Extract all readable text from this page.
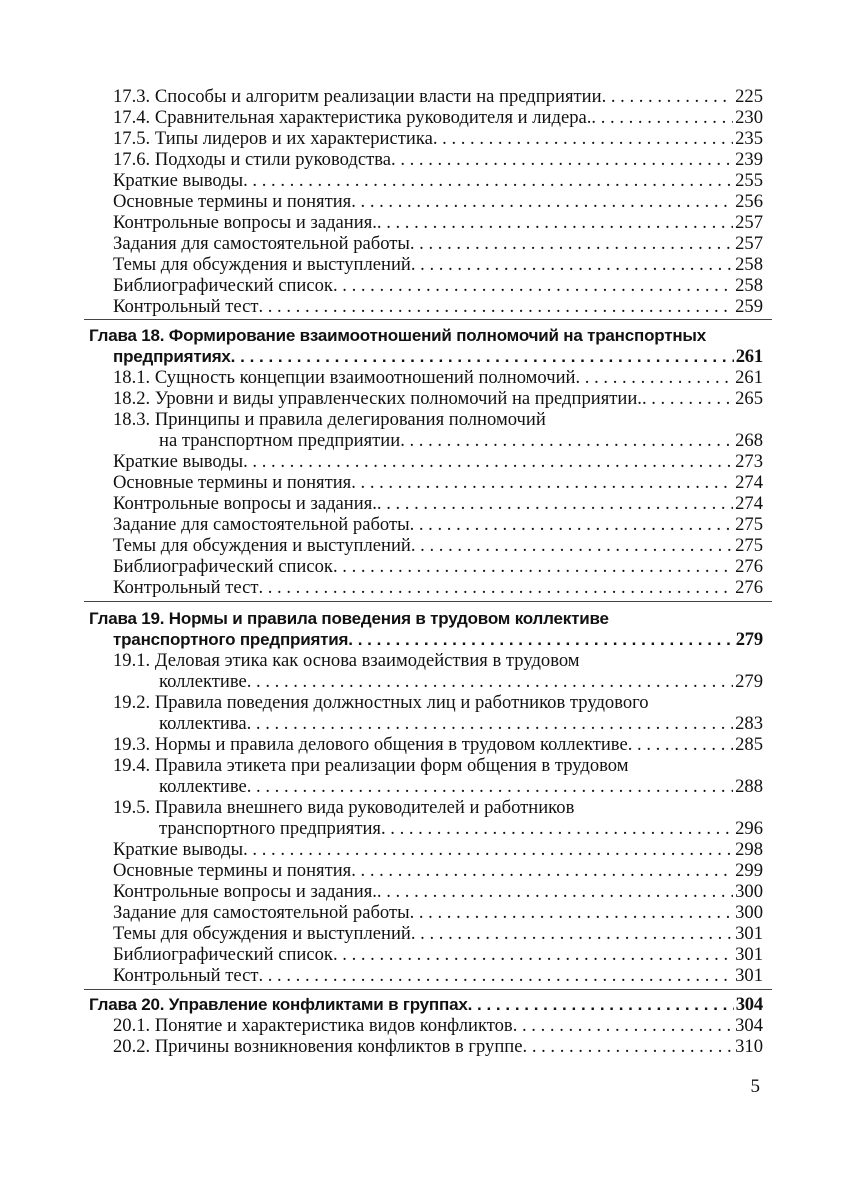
17.3. Способы и алгоритм реализации власти на предприятии . . .	225
17.4. Сравнительная характеристика руководителя и лидера. . . .	230
17.5. Типы лидеров и их характеристика . . .	235
17.6. Подходы и стили руководства . . .	239
Краткие выводы . . .	255
Основные термины и понятия . . .	256
Контрольные вопросы и задания. . . .	257
Задания для самостоятельной работы . . .	257
Темы для обсуждения и выступлений . . .	258
Библиографический список . . .	258
Контрольный тест . . .	259
Глава 18. Формирование взаимоотношений полномочий на транспортных
предприятиях . . .	261
18.1. Сущность концепции взаимоотношений полномочий . . .	261
18.2. Уровни и виды управленческих полномочий на предприятии. . . .	265
18.3. Принципы и правила делегирования полномочий
на транспортном предприятии . . .	268
Краткие выводы . . .	273
Основные термины и понятия . . .	274
Контрольные вопросы и задания. . . .	274
Задание для самостоятельной работы . . .	275
Темы для обсуждения и выступлений . . .	275
Библиографический список . . .	276
Контрольный тест . . .	276
Глава 19. Нормы и правила поведения в трудовом коллективе
транспортного предприятия . . .	279
19.1. Деловая этика как основа взаимодействия в трудовом
коллективе . . .	279
19.2. Правила поведения должностных лиц и работников трудового
коллектива . . .	283
19.3. Нормы и правила делового общения в трудовом коллективе . . .	285
19.4. Правила этикета при реализации форм общения в трудовом
коллективе . . .	288
19.5. Правила внешнего вида руководителей и работников
транспортного предприятия . . .	296
Краткие выводы . . .	298
Основные термины и понятия . . .	299
Контрольные вопросы и задания. . . .	300
Задание для самостоятельной работы . . .	300
Темы для обсуждения и выступлений . . .	301
Библиографический список . . .	301
Контрольный тест . . .	301
Глава 20. Управление конфликтами в группах . . .	304
20.1. Понятие и характеристика видов конфликтов . . .	304
20.2. Причины возникновения конфликтов в группе . . .	310
5
